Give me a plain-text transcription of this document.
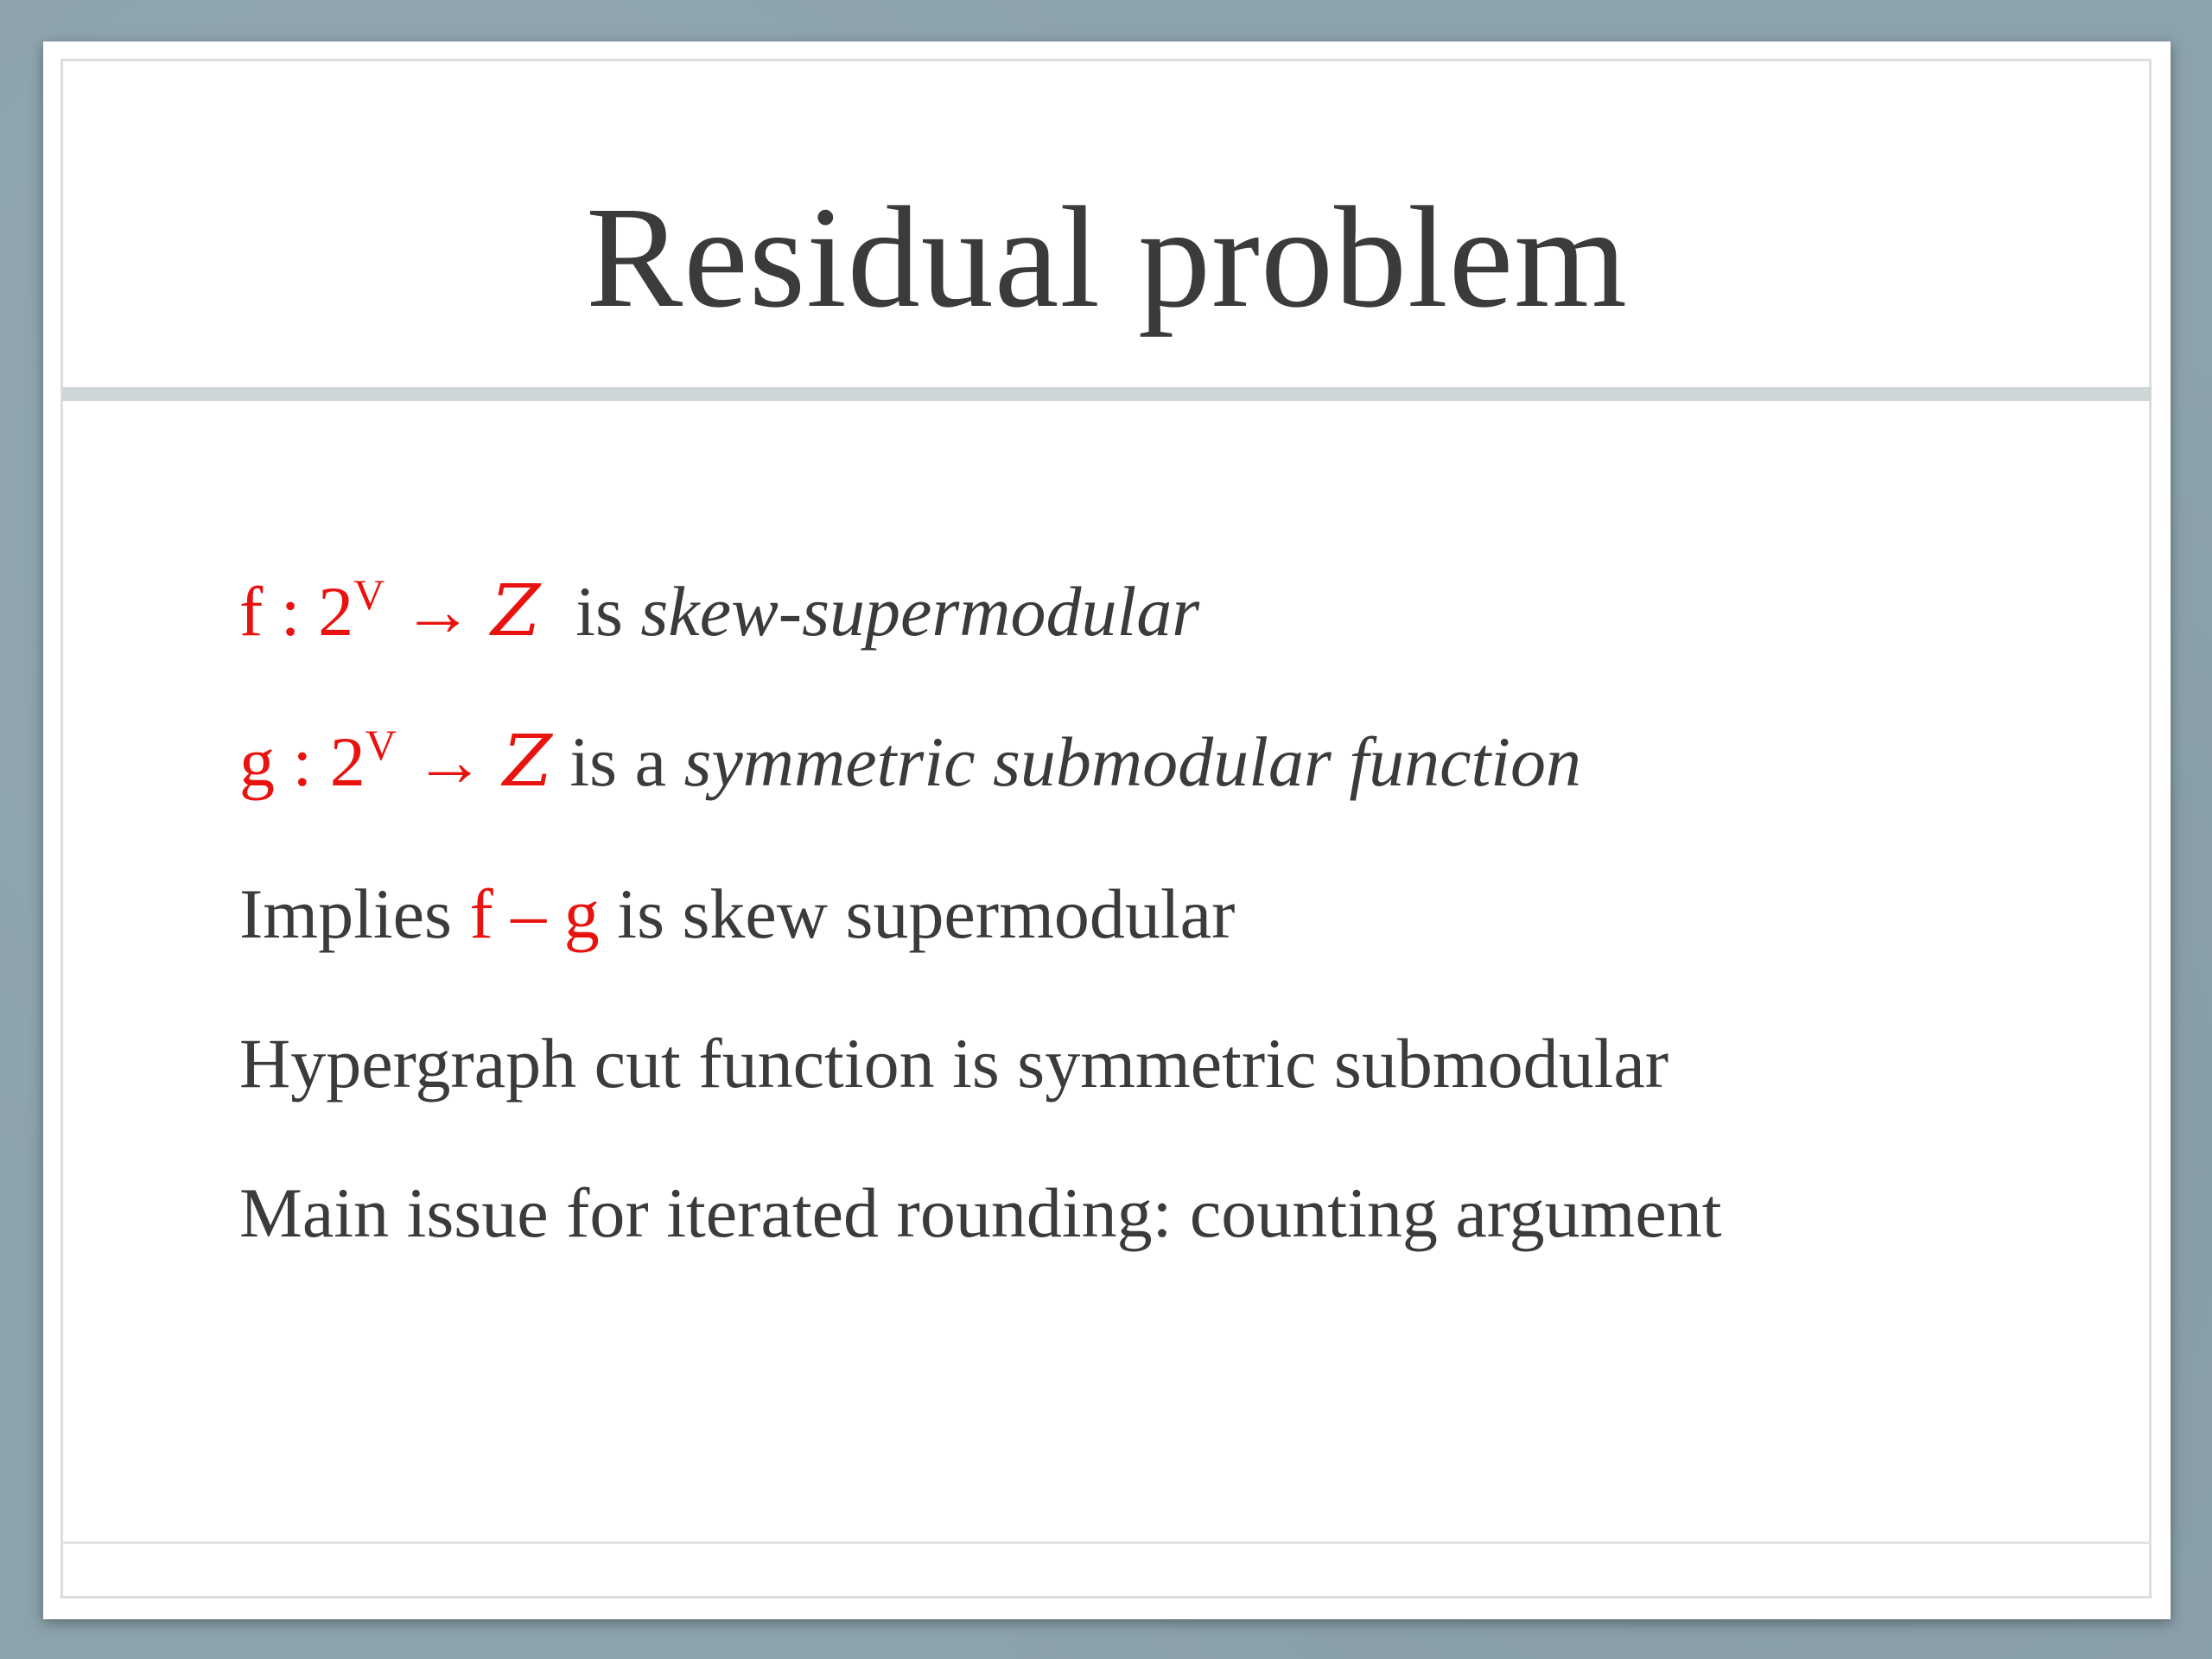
Residual problem
f : $2^V \to Z$  is skew-supermodular
g : $2^V \to Z$ is a symmetric submodular function
Implies f – g is skew supermodular
Hypergraph cut function is symmetric submodular
Main issue for iterated rounding: counting argument
